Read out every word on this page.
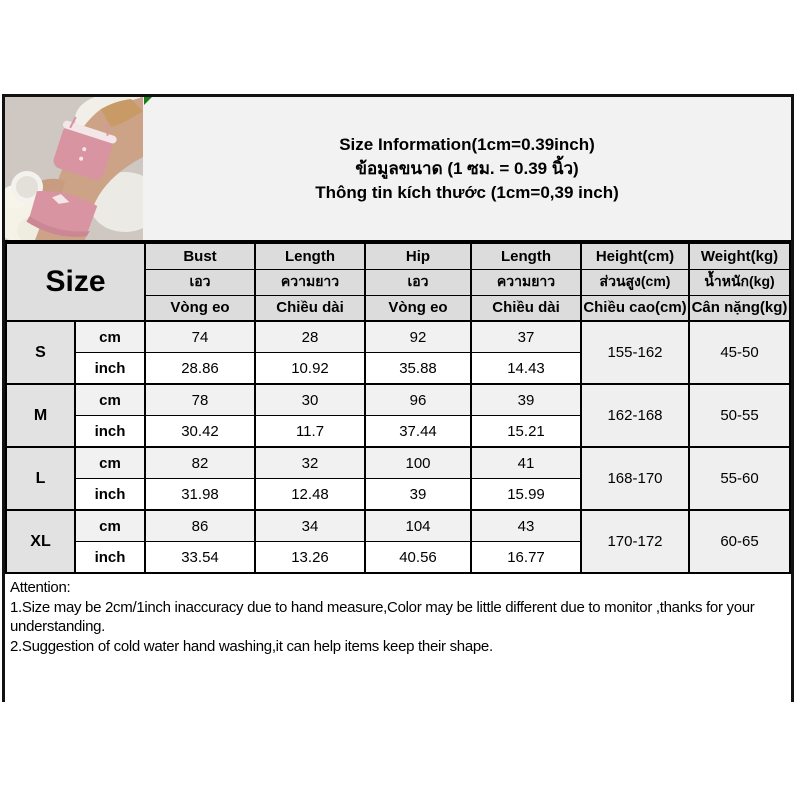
Size Information(1cm=0.39inch)
ข้อมูลขนาด (1 ซม. = 0.39 นิ้ว)
Thông tin kích thước (1cm=0,39 inch)
Size		Bust	Length	Hip	Length	Height(cm)	Weight(kg)
		เอว	ความยาว	เอว	ความยาว	ส่วนสูง(cm)	น้ำหนัก(kg)
		Vòng eo	Chiều dài	Vòng eo	Chiều dài	Chiều cao(cm)	Cân nặng(kg)
S	cm	74	28	92	37	155-162	45-50
	inch	28.86	10.92	35.88	14.43		
M	cm	78	30	96	39	162-168	50-55
	inch	30.42	11.7	37.44	15.21		
L	cm	82	32	100	41	168-170	55-60
	inch	31.98	12.48	39	15.99		
XL	cm	86	34	104	43	170-172	60-65
	inch	33.54	13.26	40.56	16.77		
Attention:
1.Size may be 2cm/1inch inaccuracy due to hand measure,Color may be little different due to monitor ,thanks for your understanding.
2.Suggestion of cold water hand washing,it can help items keep their shape.
